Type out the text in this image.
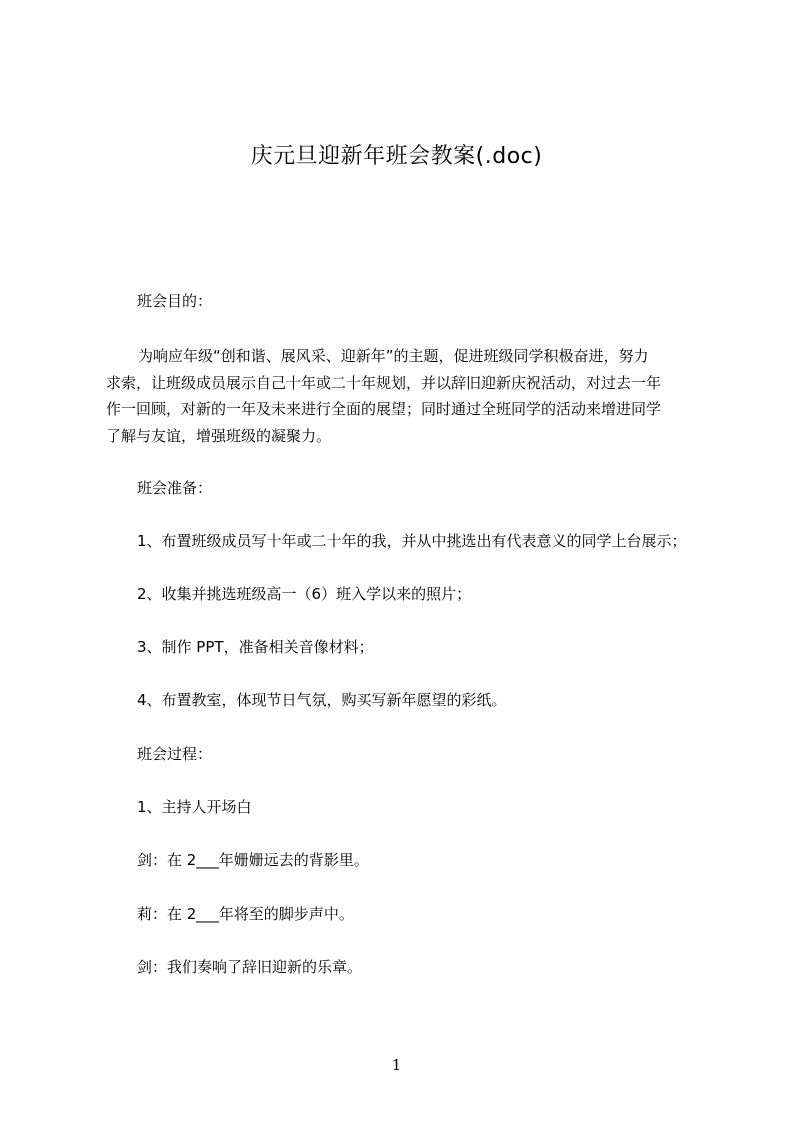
庆元旦迎新年班会教案(.doc)
班会目的：
为响应年级“创和谐、展风采、迎新年”的主题，促进班级同学积极奋进，努力
求索，让班级成员展示自己十年或二十年规划，并以辞旧迎新庆祝活动，对过去一年
作一回顾，对新的一年及未来进行全面的展望；同时通过全班同学的活动来增进同学
了解与友谊，增强班级的凝聚力。
班会准备：
1、布置班级成员写十年或二十年的我，并从中挑选出有代表意义的同学上台展示；
2、收集并挑选班级高一（6）班入学以来的照片；
3、制作 PPT，准备相关音像材料；
4、布置教室，体现节日气氛，购买写新年愿望的彩纸。
班会过程：
1、主持人开场白
剑：在 2___年姗姗远去的背影里。
莉：在 2___年将至的脚步声中。
剑：我们奏响了辞旧迎新的乐章。
1
